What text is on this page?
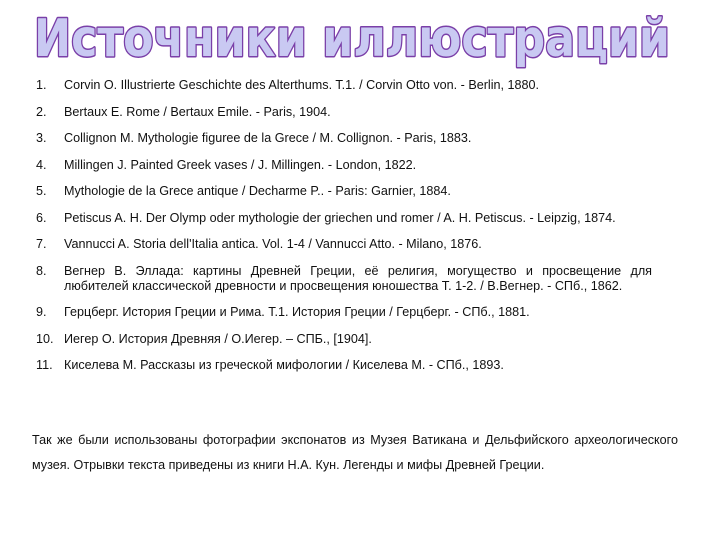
Источники иллюстраций
1. Corvin O. Illustrierte Geschichte des Alterthums. T.1. / Corvin Otto von. - Berlin, 1880.
2. Bertaux E. Rome / Bertaux Emile. - Paris, 1904.
3. Collignon M. Mythologie figuree de la Grece / M. Collignon. - Paris, 1883.
4. Millingen J. Painted Greek vases / J. Millingen. - London, 1822.
5. Mythologie de la Grece antique / Decharme P.. - Paris: Garnier, 1884.
6. Petiscus A. H. Der Olymp oder mythologie der griechen und romer / A. H. Petiscus. - Leipzig, 1874.
7. Vannucci A. Storia dell'Italia antica. Vol. 1-4 / Vannucci Atto. - Milano, 1876.
8. Вегнер В. Эллада: картины Древней Греции, её религия, могущество и просвещение для любителей классической древности и просвещения юношества Т. 1-2. / В.Вегнер. - СПб., 1862.
9. Герцберг. История Греции и Рима. Т.1. История Греции / Герцберг. - СПб., 1881.
10. Иегер О. История Древняя / О.Иегер. – СПБ., [1904].
11. Киселева М. Рассказы из греческой мифологии / Киселева М. - СПб., 1893.

Так же были использованы фотографии экспонатов из Музея Ватикана и Дельфийского археологического музея. Отрывки текста приведены из книги Н.А. Кун. Легенды и мифы Древней Греции.
